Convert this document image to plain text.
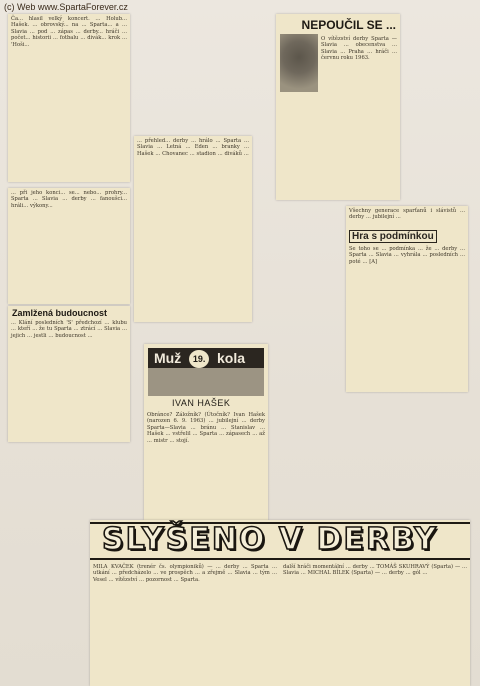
(c) Web www.SpartaForever.cz
Ča... hlasil velký koncert. ... Holub... Hašek. ... obrovský... na ... Sparta... a ... Slavia ... pod ... zápas ... derby... hráči ... počet... historii ... fotbalu ... divák... krok ... 'Hoši...
... při jeho konci... se... nebo... prohry... Sparta ... Slavia ... derby ... fanoušci... hráli... výkony...
Zamlžená budoucnost
... Klání posledních 'S' předchozí ... klubu ... kteří ... že tu Sparta ... ztrácí ... Slavia ... jejich ... jestli ... budoucnost ...
... přehled... derby ... hrálo ... Sparta ... Slavia ... Letná ... Eden ... branky ... Hašek ... Chovanec ... stadion ... diváků ...
NEPOUČIL SE ...
O vítězství derby Sparta — Slavia ... obecenstva ... Slavia ... Praha ... hráči ... červnu roku 1963.
Všechny generace sparťanů i slávistů ... derby ... jubilejní ...
Hra s podmínkou
Se toho se ... podmínka ... že ... derby ... Sparta ... Slavia ... vyhrála ... posledních ... poté ... [A]
Muž 19. kola
IVAN HAŠEK
Obránce? Záložník? (Útočník? Ivan Hašek (narozen 6. 9. 1963) ... jubilejní ... derby Sparta—Slavia ... bránu ... Stanislav ... Hašek ... vstřelil ... Sparta ... zápasech ... až ... mistr ... stojí.
SLYŠENO V DERBY
MILA KVAČEK (trenér čs. olympioniků) — ... derby ... Sparta ... utkání ... předcházelo ... ve prospěch ... a zřejmě ... Slavia ... tým ... Vesel ... vítězství ... pozornost ... Sparta.
další hráči momentální ... derby ... TOMÁŠ SKUHRAVÝ (Sparta) — ... Slavia ... MICHAL BÍLEK (Sparta) — ... derby ... gól ...
